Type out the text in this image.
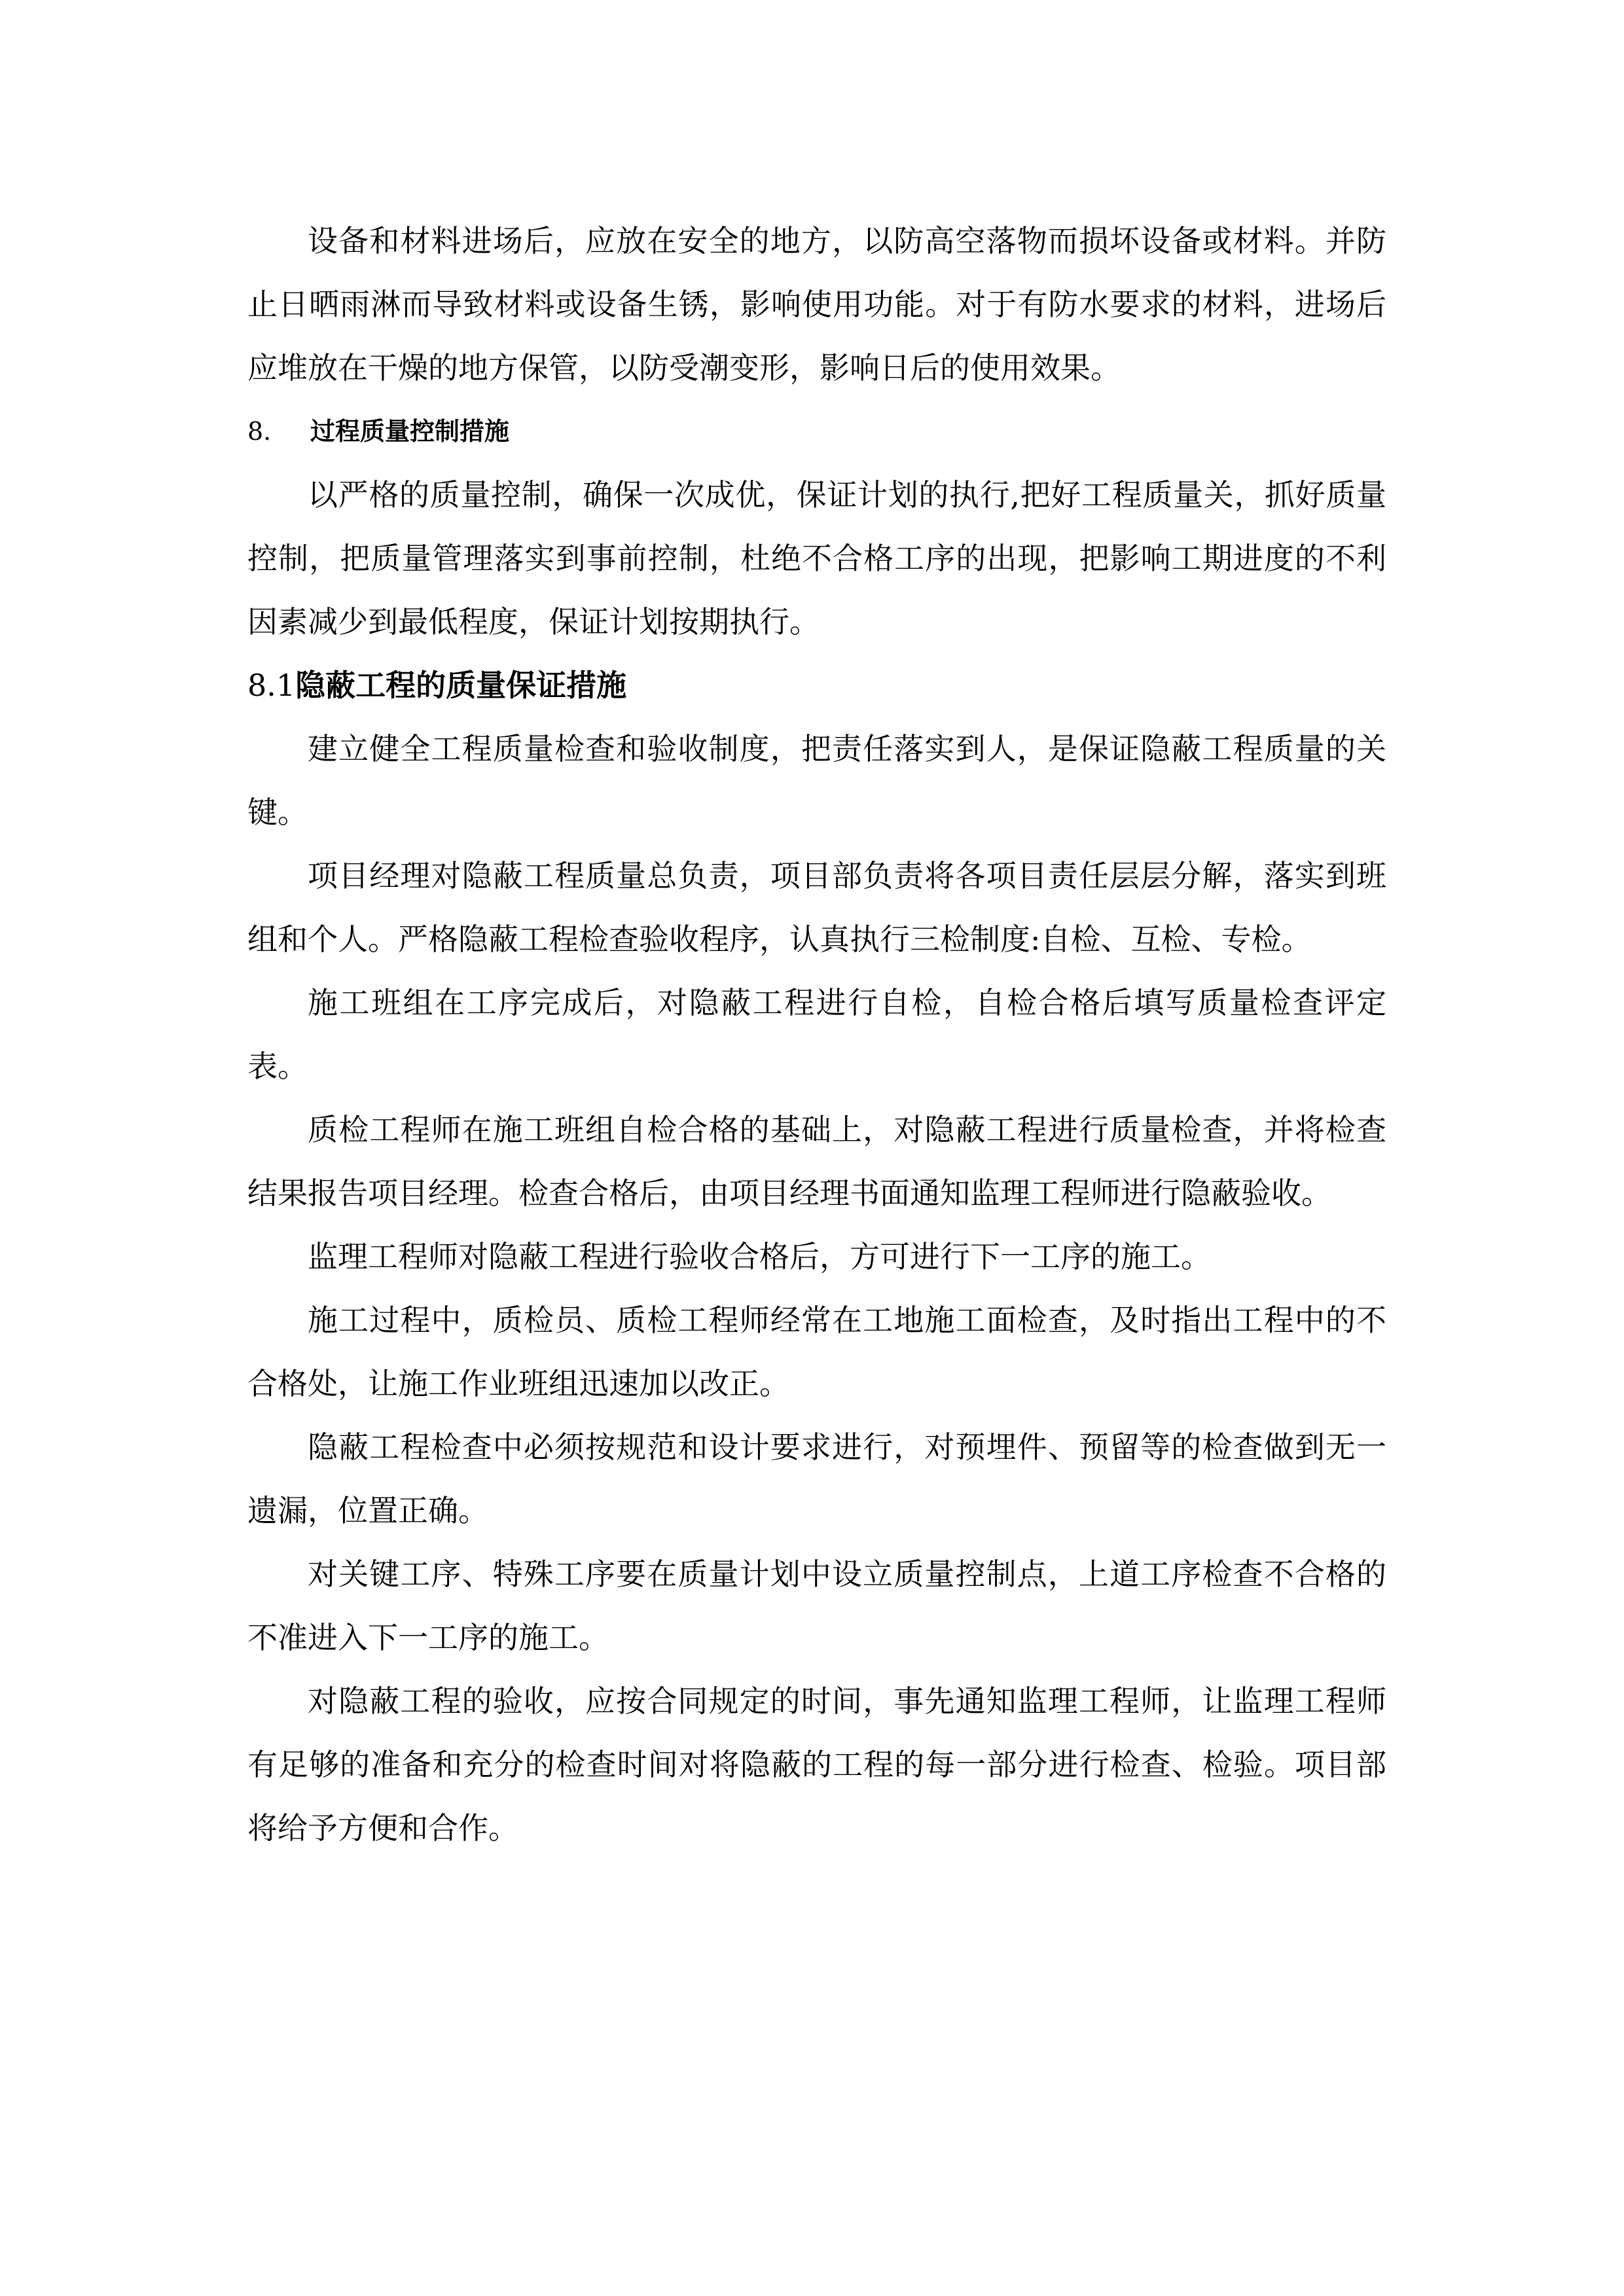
设备和材料进场后，应放在安全的地方，以防高空落物而损坏设备或材料。并防止日晒雨淋而导致材料或设备生锈，影响使用功能。对于有防水要求的材料，进场后应堆放在干燥的地方保管，以防受潮变形，影响日后的使用效果。

8. 过程质量控制措施

以严格的质量控制，确保一次成优，保证计划的执行,把好工程质量关，抓好质量控制，把质量管理落实到事前控制，杜绝不合格工序的出现，把影响工期进度的不利因素减少到最低程度，保证计划按期执行。

8.1隐蔽工程的质量保证措施

建立健全工程质量检查和验收制度，把责任落实到人，是保证隐蔽工程质量的关键。

项目经理对隐蔽工程质量总负责，项目部负责将各项目责任层层分解，落实到班组和个人。严格隐蔽工程检查验收程序，认真执行三检制度:自检、互检、专检。

施工班组在工序完成后，对隐蔽工程进行自检，自检合格后填写质量检查评定表。

质检工程师在施工班组自检合格的基础上，对隐蔽工程进行质量检查，并将检查结果报告项目经理。检查合格后，由项目经理书面通知监理工程师进行隐蔽验收。

监理工程师对隐蔽工程进行验收合格后，方可进行下一工序的施工。

施工过程中，质检员、质检工程师经常在工地施工面检查，及时指出工程中的不合格处，让施工作业班组迅速加以改正。

隐蔽工程检查中必须按规范和设计要求进行，对预埋件、预留等的检查做到无一遗漏，位置正确。

对关键工序、特殊工序要在质量计划中设立质量控制点，上道工序检查不合格的不准进入下一工序的施工。

对隐蔽工程的验收，应按合同规定的时间，事先通知监理工程师，让监理工程师有足够的准备和充分的检查时间对将隐蔽的工程的每一部分进行检查、检验。项目部将给予方便和合作。
